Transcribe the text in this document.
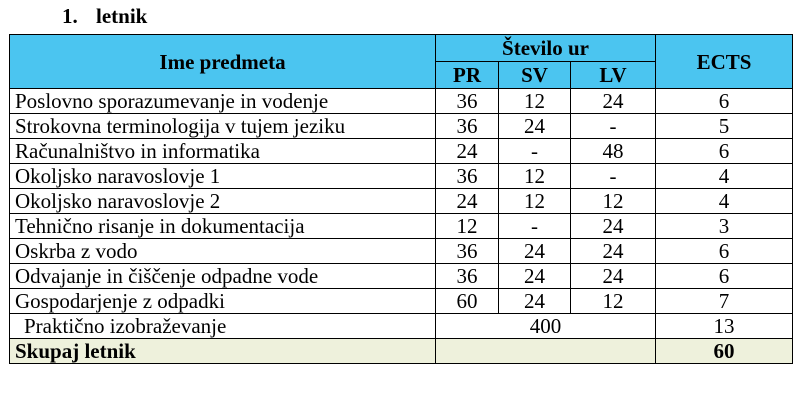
1. letnik
Ime predmeta	Število ur			ECTS
	PR	SV	LV	
Poslovno sporazumevanje in vodenje	36	12	24	6
Strokovna terminologija v tujem jeziku	36	24	-	5
Računalništvo in informatika	24	-	48	6
Okoljsko naravoslovje 1	36	12	-	4
Okoljsko naravoslovje 2	24	12	12	4
Tehnično risanje in dokumentacija	12	-	24	3
Oskrba z vodo	36	24	24	6
Odvajanje in čiščenje odpadne vode	36	24	24	6
Gospodarjenje z odpadki	60	24	12	7
Praktično izobraževanje	400			13
Skupaj letnik				60
